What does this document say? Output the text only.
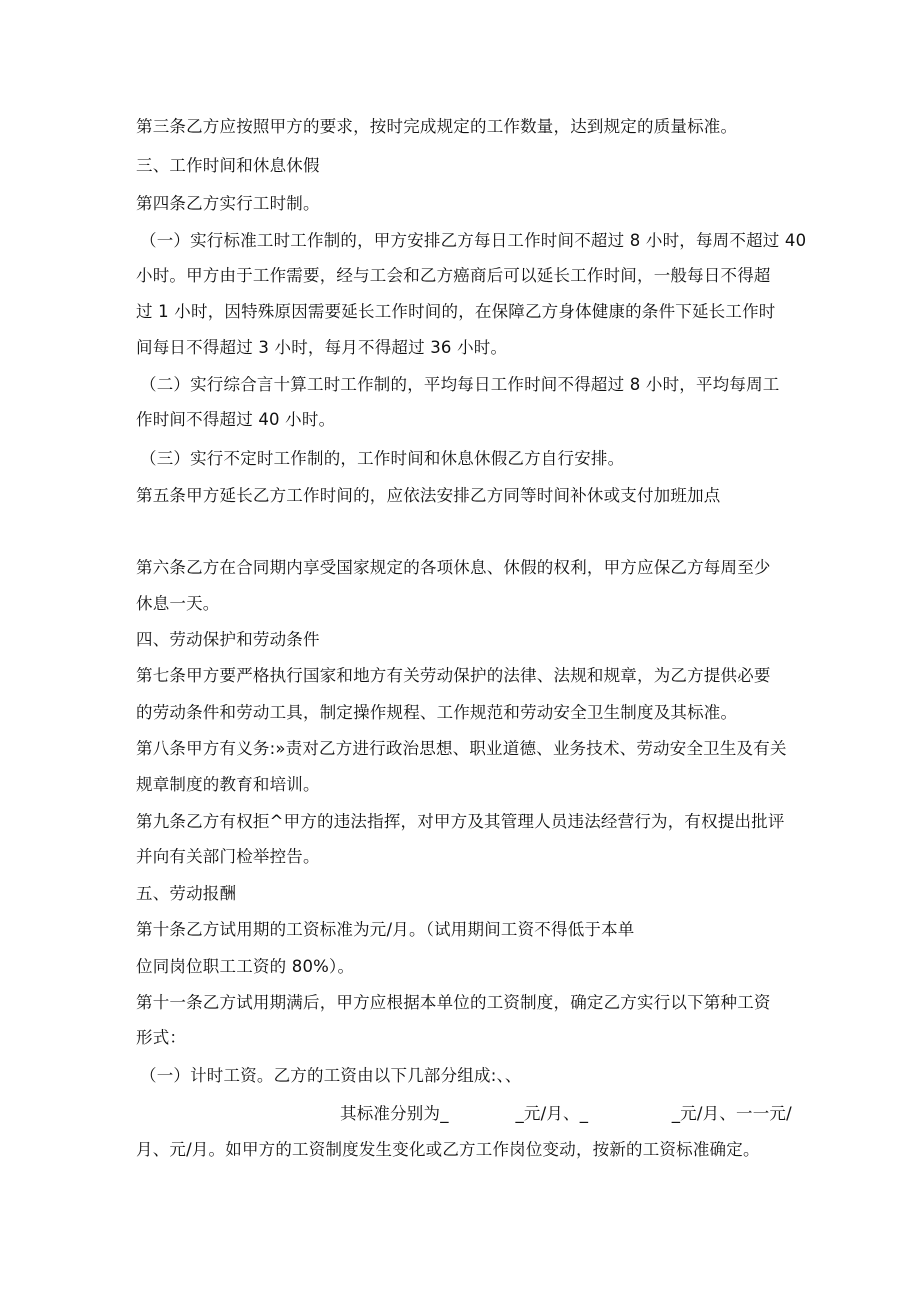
第三条乙方应按照甲方的要求，按时完成规定的工作数量，达到规定的质量标准。
三、工作时间和休息休假
第四条乙方实行工时制。
（一）实行标准工时工作制的，甲方安排乙方每日工作时间不超过 8 小时，每周不超过 40
小时。甲方由于工作需要，经与工会和乙方癌商后可以延长工作时间，一般每日不得超
过 1 小时，因特殊原因需要延长工作时间的，在保障乙方身体健康的条件下延长工作时
间每日不得超过 3 小时，每月不得超过 36 小时。
（二）实行综合言十算工时工作制的，平均每日工作时间不得超过 8 小时，平均每周工
作时间不得超过 40 小时。
（三）实行不定时工作制的，工作时间和休息休假乙方自行安排。
第五条甲方延长乙方工作时间的，应依法安排乙方同等时间补休或支付加班加点
第六条乙方在合同期内享受国家规定的各项休息、休假的权利，甲方应保乙方每周至少
休息一天。
四、劳动保护和劳动条件
第七条甲方要严格执行国家和地方有关劳动保护的法律、法规和规章，为乙方提供必要
的劳动条件和劳动工具，制定操作规程、工作规范和劳动安全卫生制度及其标准。
第八条甲方有义务:»责对乙方进行政治思想、职业道德、业务技术、劳动安全卫生及有关
规章制度的教育和培训。
第九条乙方有权拒^甲方的违法指挥，对甲方及其管理人员违法经营行为，有权提出批评
并向有关部门检举控告。
五、劳动报酬
第十条乙方试用期的工资标准为元/月。（试用期间工资不得低于本单
位同岗位职工工资的 80%）。
第十一条乙方试用期满后，甲方应根据本单位的工资制度，确定乙方实行以下第种工资
形式：
（一）计时工资。乙方的工资由以下几部分组成:、、
其标准分别为_　　　　_元/月、_　　　　　_元/月、一一元/
月、元/月。如甲方的工资制度发生变化或乙方工作岗位变动，按新的工资标准确定。
